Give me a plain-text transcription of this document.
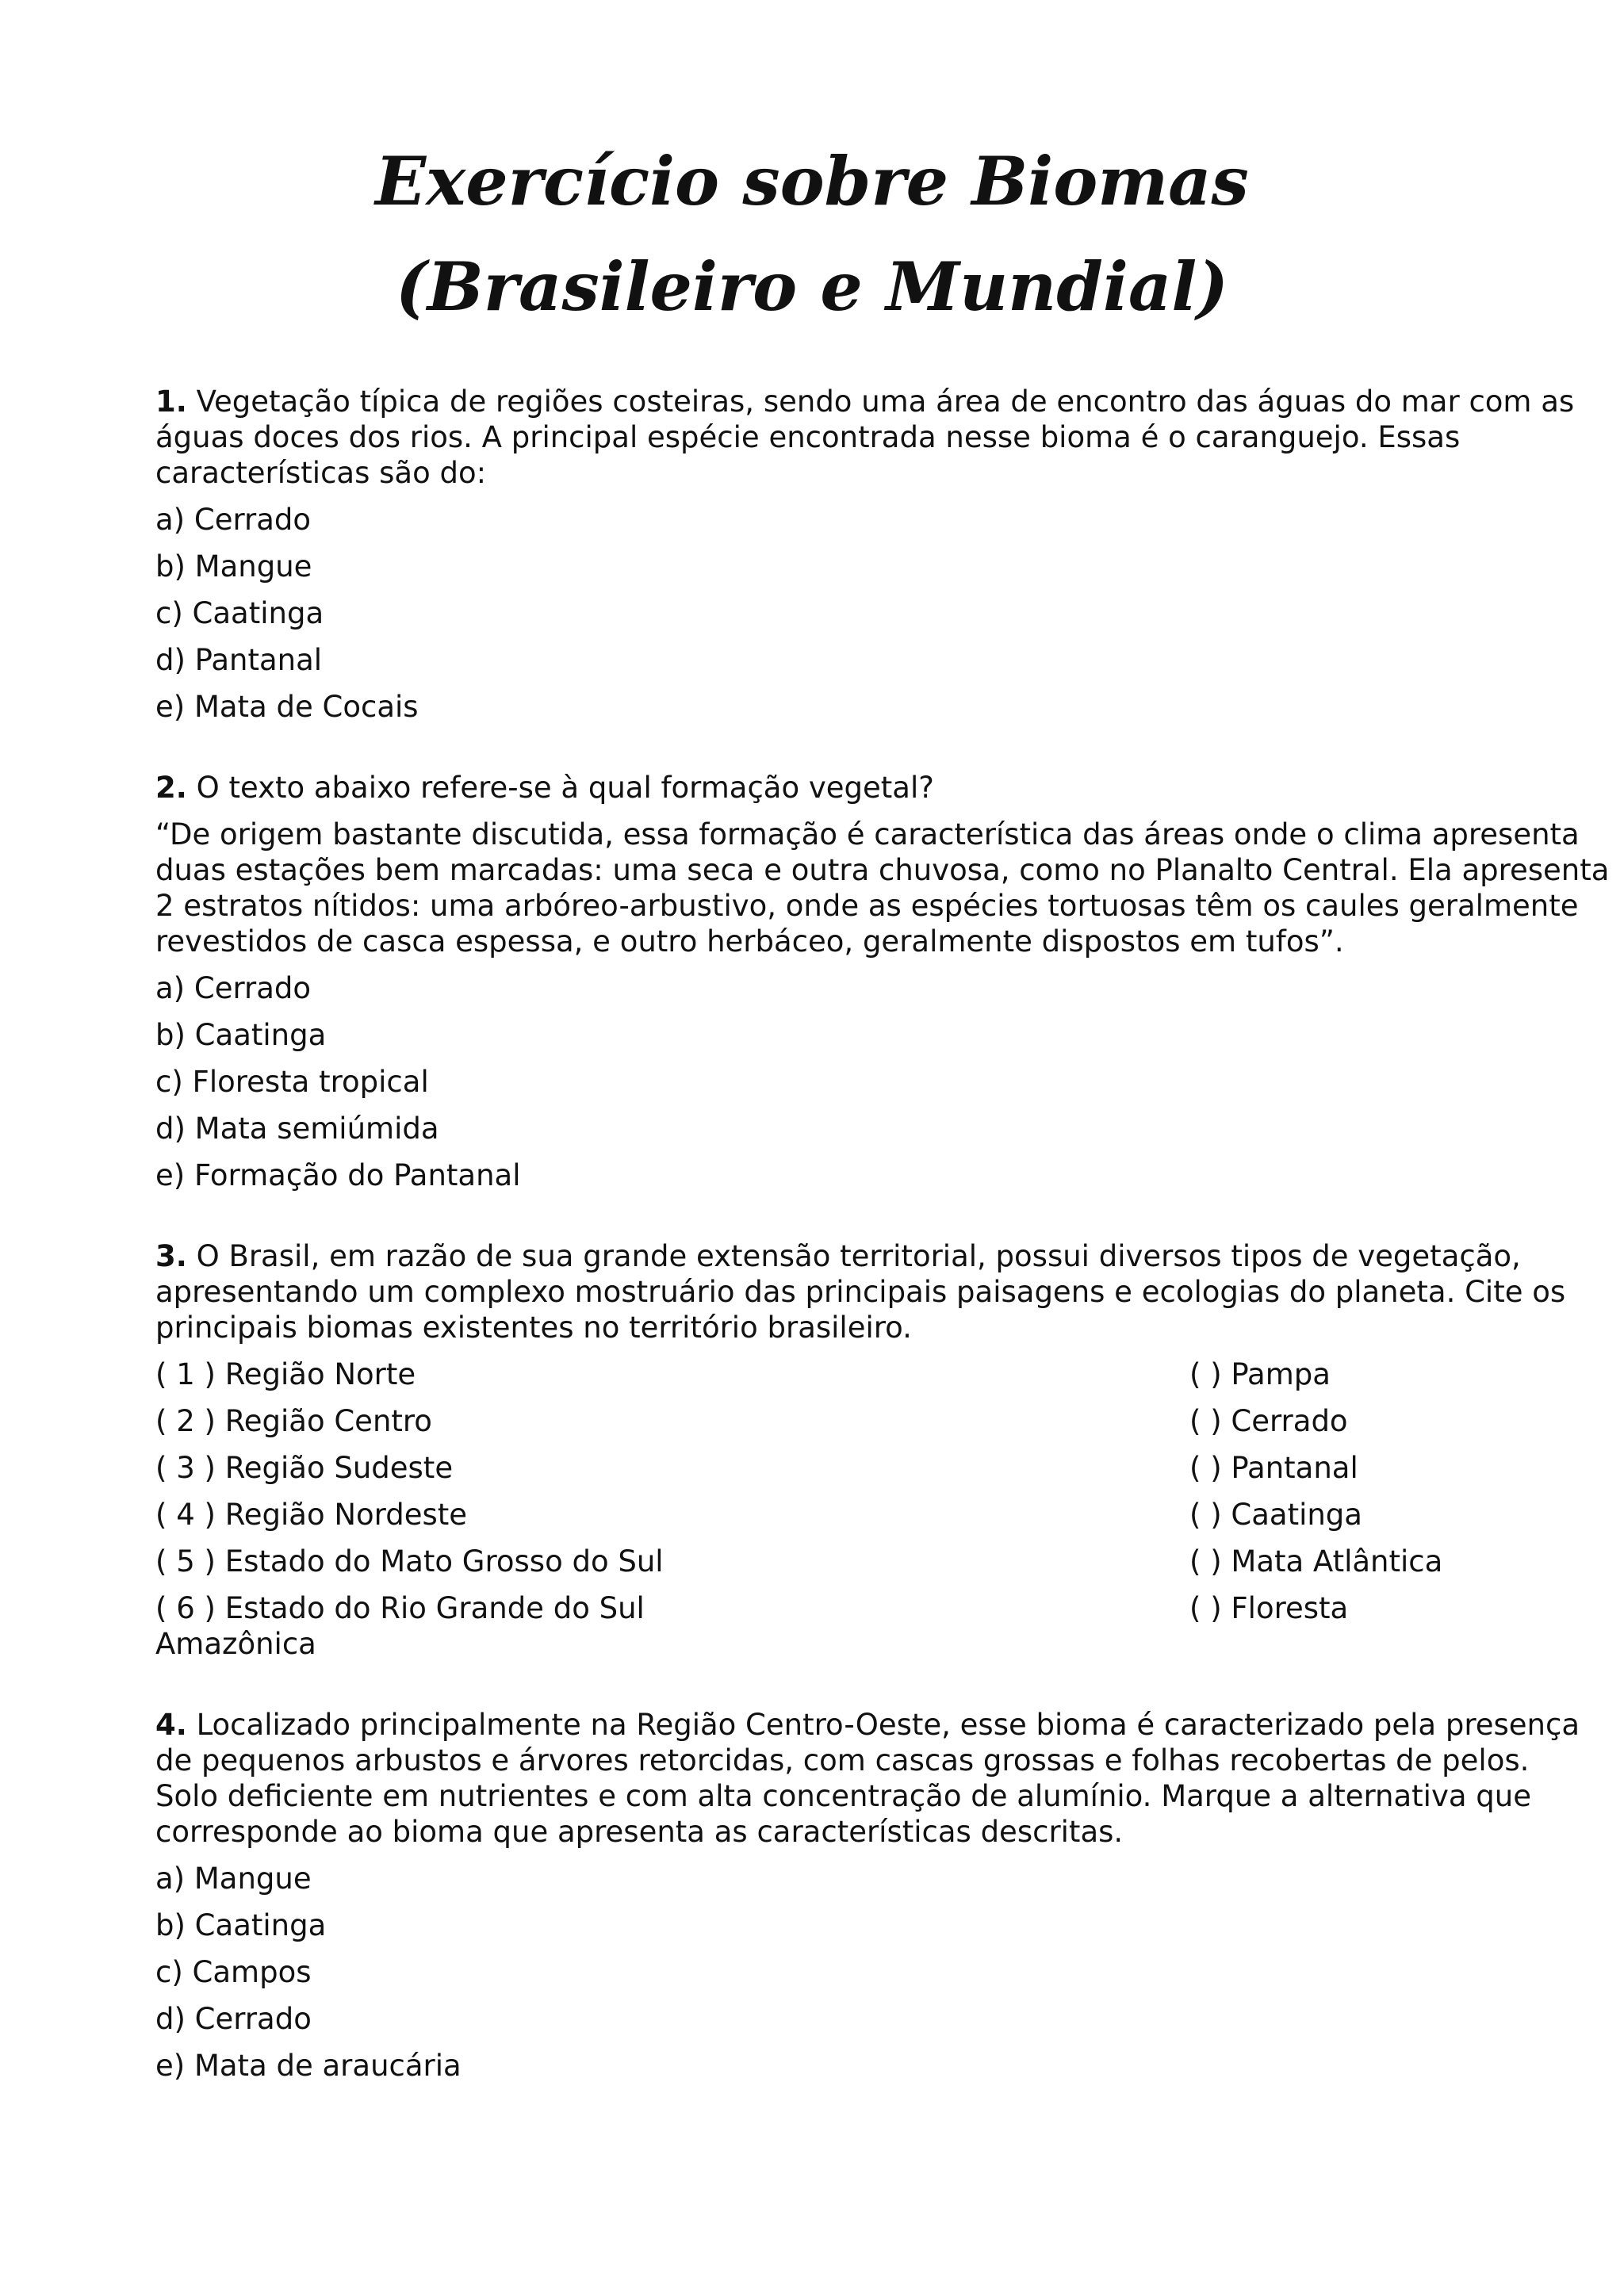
Exercício sobre Biomas
(Brasileiro e Mundial)
1. Vegetação típica de regiões costeiras, sendo uma área de encontro das águas do mar com as
águas doces dos rios. A principal espécie encontrada nesse bioma é o caranguejo. Essas
características são do:
a) Cerrado
b) Mangue
c) Caatinga
d) Pantanal
e) Mata de Cocais
2. O texto abaixo refere-se à qual formação vegetal?
“De origem bastante discutida, essa formação é característica das áreas onde o clima apresenta
duas estações bem marcadas: uma seca e outra chuvosa, como no Planalto Central. Ela apresenta
2 estratos nítidos: uma arbóreo-arbustivo, onde as espécies tortuosas têm os caules geralmente
revestidos de casca espessa, e outro herbáceo, geralmente dispostos em tufos”.
a) Cerrado
b) Caatinga
c) Floresta tropical
d) Mata semiúmida
e) Formação do Pantanal
3. O Brasil, em razão de sua grande extensão territorial, possui diversos tipos de vegetação,
apresentando um complexo mostruário das principais paisagens e ecologias do planeta. Cite os
principais biomas existentes no território brasileiro.
( 1 ) Região Norte
( 2 ) Região Centro
( 3 ) Região Sudeste
( 4 ) Região Nordeste
( 5 ) Estado do Mato Grosso do Sul
( 6 ) Estado do Rio Grande do Sul
Amazônica
( ) Pampa
( ) Cerrado
( ) Pantanal
( ) Caatinga
( ) Mata Atlântica
( ) Floresta
4. Localizado principalmente na Região Centro-Oeste, esse bioma é caracterizado pela presença
de pequenos arbustos e árvores retorcidas, com cascas grossas e folhas recobertas de pelos.
Solo deficiente em nutrientes e com alta concentração de alumínio. Marque a alternativa que
corresponde ao bioma que apresenta as características descritas.
a) Mangue
b) Caatinga
c) Campos
d) Cerrado
e) Mata de araucária
